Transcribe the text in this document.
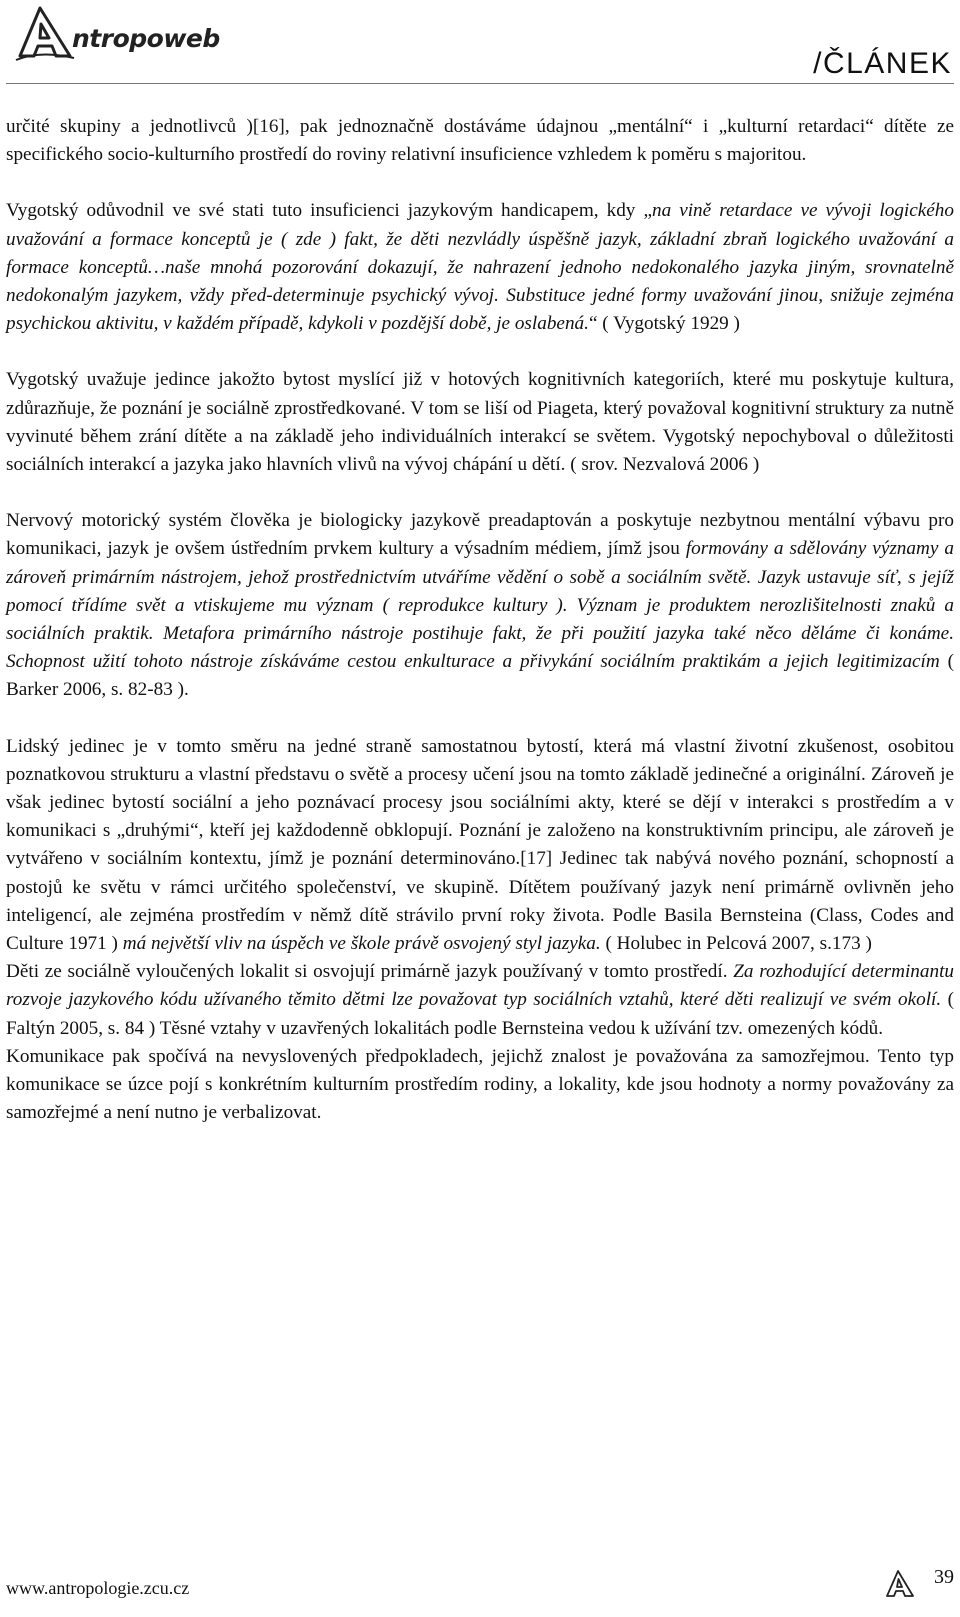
ntropoweb
/ČLÁNEK

určité skupiny a jednotlivců )[16], pak jednoznačně dostáváme údajnou „mentální“ i „kulturní retardaci“ dítěte ze specifického socio-kulturního prostředí do roviny relativní insuficience vzhledem k poměru s majoritou.

Vygotský odůvodnil ve své stati tuto insuficienci jazykovým handicapem, kdy „na vině retardace ve vývoji logického uvažování a formace konceptů je ( zde ) fakt, že děti nezvládly úspěšně jazyk, základní zbraň logického uvažování a formace konceptů…naše mnohá pozorování dokazují, že nahrazení jednoho nedokonalého jazyka jiným, srovnatelně nedokonalým jazykem, vždy před-determinuje psychický vývoj. Substituce jedné formy uvažování jinou, snižuje zejména psychickou aktivitu, v každém případě, kdykoli v pozdější době, je oslabená.“ ( Vygotský 1929 )

Vygotský uvažuje jedince jakožto bytost myslící již v hotových kognitivních kategoriích, které mu poskytuje kultura, zdůrazňuje, že poznání je sociálně zprostředkované. V tom se liší od Piageta, který považoval kognitivní struktury za nutně vyvinuté během zrání dítěte a na základě jeho individuálních interakcí se světem. Vygotský nepochyboval o důležitosti sociálních interakcí a jazyka jako hlavních vlivů na vývoj chápání u dětí. ( srov. Nezvalová 2006 )

Nervový motorický systém člověka je biologicky jazykově preadaptován a poskytuje nezbytnou mentální výbavu pro komunikaci, jazyk je ovšem ústředním prvkem kultury a výsadním médiem, jímž jsou formovány a sdělovány významy a zároveň primárním nástrojem, jehož prostřednictvím utváříme vědění o sobě a sociálním světě. Jazyk ustavuje síť, s jejíž pomocí třídíme svět a vtiskujeme mu význam ( reprodukce kultury ). Význam je produktem nerozlišitelnosti znaků a sociálních praktik. Metafora primárního nástroje postihuje fakt, že při použití jazyka také něco děláme či konáme. Schopnost užití tohoto nástroje získáváme cestou enkulturace a přivykání sociálním praktikám a jejich legitimizacím ( Barker 2006, s. 82-83 ).

Lidský jedinec je v tomto směru na jedné straně samostatnou bytostí, která má vlastní životní zkušenost, osobitou poznatkovou strukturu a vlastní představu o světě a procesy učení jsou na tomto základě jedinečné a originální. Zároveň je však jedinec bytostí sociální a jeho poznávací procesy jsou sociálními akty, které se dějí v interakci s prostředím a v komunikaci s „druhými“, kteří jej každodenně obklopují. Poznání je založeno na konstruktivním principu, ale zároveň je vytvářeno v sociálním kontextu, jímž je poznání determinováno.[17] Jedinec tak nabývá nového poznání, schopností a postojů ke světu v rámci určitého společenství, ve skupině. Dítětem používaný jazyk není primárně ovlivněn jeho inteligencí, ale zejména prostředím v němž dítě strávilo první roky života. Podle Basila Bernsteina (Class, Codes and Culture 1971 ) má největší vliv na úspěch ve škole právě osvojený styl jazyka. ( Holubec in Pelcová 2007, s.173 )

Děti ze sociálně vyloučených lokalit si osvojují primárně jazyk používaný v tomto prostředí. Za rozhodující determinantu rozvoje jazykového kódu užívaného těmito dětmi lze považovat typ sociálních vztahů, které děti realizují ve svém okolí. ( Faltýn 2005, s. 84 ) Těsné vztahy v uzavřených lokalitách podle Bernsteina vedou k užívání tzv. omezených kódů.

Komunikace pak spočívá na nevyslovených předpokladech, jejichž znalost je považována za samozřejmou. Tento typ komunikace se úzce pojí s konkrétním kulturním prostředím rodiny, a lokality, kde jsou hodnoty a normy považovány za samozřejmé a není nutno je verbalizovat.

www.antropologie.zcu.cz	39
